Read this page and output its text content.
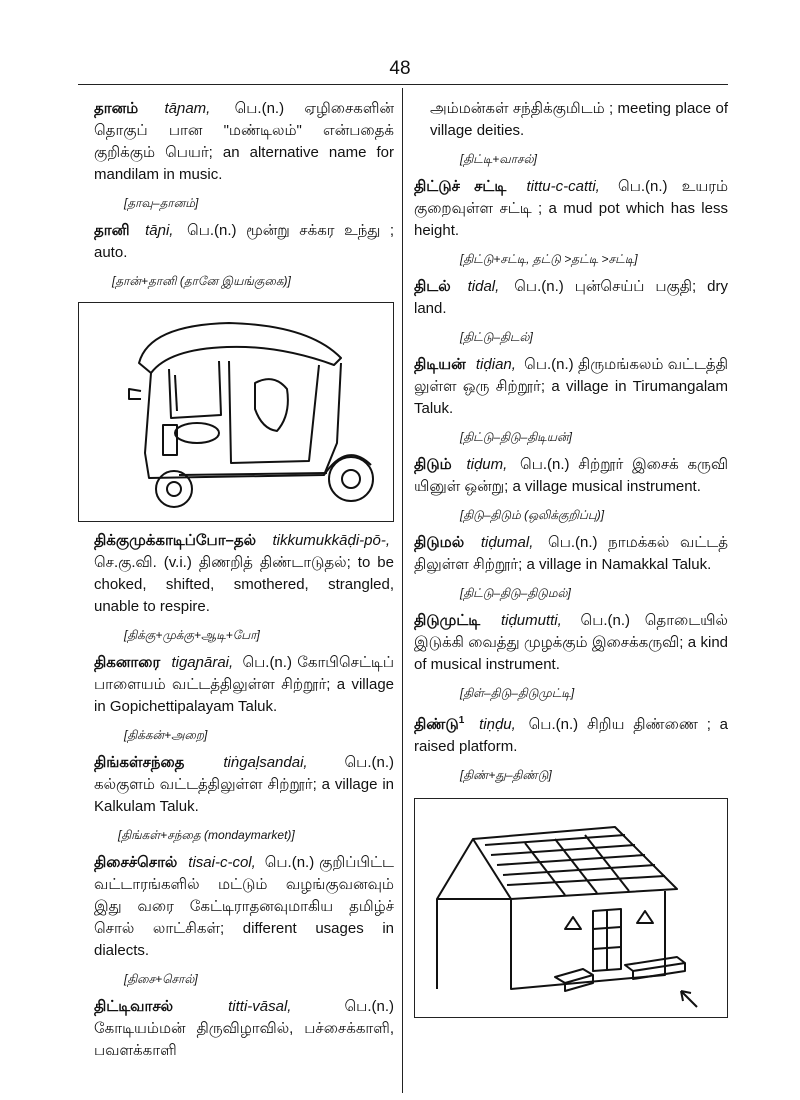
48

தானம் tāɲam, பெ.(n.) ஏழிசைகளின் தொகுப் பான "மண்டிலம்" என்பதைக் குறிக்கும் பெயர்; an alternative name for mandilam in music.

[தாவு–தானம்]

தானி tāɲi, பெ.(n.) மூன்று சக்கர உந்து ; auto.

[தான்+தானி (தானே இயங்குகை)]

திக்குமுக்காடிப்போ–தல் tikkumukkāḍi-pō-, செ.கு.வி. (v.i.) திணறித் திண்டாடுதல்; to be choked, shifted, smothered, strangled, unable to respire.

[திக்கு+முக்கு+ஆடி+போ]

திகனாரை tigaɲārai, பெ.(n.) கோபிசெட்டிப் பாளையம் வட்டத்திலுள்ள சிற்றூர்; a village in Gopichettipalayam Taluk.

[திக்கன்+அறை]

திங்கள்சந்தை	tiṅgaḷsandai, பெ.(n.) கல்குளம் வட்டத்திலுள்ள சிற்றூர்; a village in Kalkulam Taluk.

[திங்கள்+சந்தை (mondaymarket)]

திசைச்சொல் tisai-c-col, பெ.(n.) குறிப்பிட்ட வட்டாரங்களில் மட்டும் வழங்குவனவும் இது வரை கேட்டிராதனவுமாகிய தமிழ்ச் சொல் லாட்சிகள்; different usages in dialects.

[திசை+சொல்]

திட்டிவாசல்	titti-vāsal,	பெ.(n.) கோடியம்மன் திருவிழாவில், பச்சைக்காளி, பவளக்காளி

அம்மன்கள் சந்திக்குமிடம் ; meeting place of village deities.

[திட்டி+வாசல்]

திட்டுச் சட்டி tittu-c-catti, பெ.(n.) உயரம் குறைவுள்ள சட்டி ; a mud pot which has less height.

[திட்டு+சட்டி, தட்டு >தட்டி >சட்டி]

திடல் tidal, பெ.(n.) புன்செய்ப் பகுதி; dry land.

[திட்டு–திடல்]

திடியன் tiḍian, பெ.(n.) திருமங்கலம் வட்டத்தி லுள்ள ஒரு சிற்றூர்; a village in Tirumangalam Taluk.

[திட்டு–திடு–திடியன்]

திடும் tiḍum, பெ.(n.) சிற்றூர் இசைக் கருவி யினுள் ஒன்று; a village musical instrument.

[திடு–திடும் (ஒலிக்குறிப்பு)]

திடுமல் tiḍumal, பெ.(n.) நாமக்கல் வட்டத் திலுள்ள சிற்றூர்; a village in Namakkal Taluk.

[திட்டு–திடு–திடுமல்]

திடுமுட்டி tiḍumutti, பெ.(n.) தொடையில் இடுக்கி வைத்து முழக்கும் இசைக்கருவி; a kind of musical instrument.

[திள்–திடு–திடுமுட்டி]

திண்டு$^1$ tiṇḍu, பெ.(n.) சிறிய திண்ணை ; a raised platform.

[திண்+து–திண்டு]
